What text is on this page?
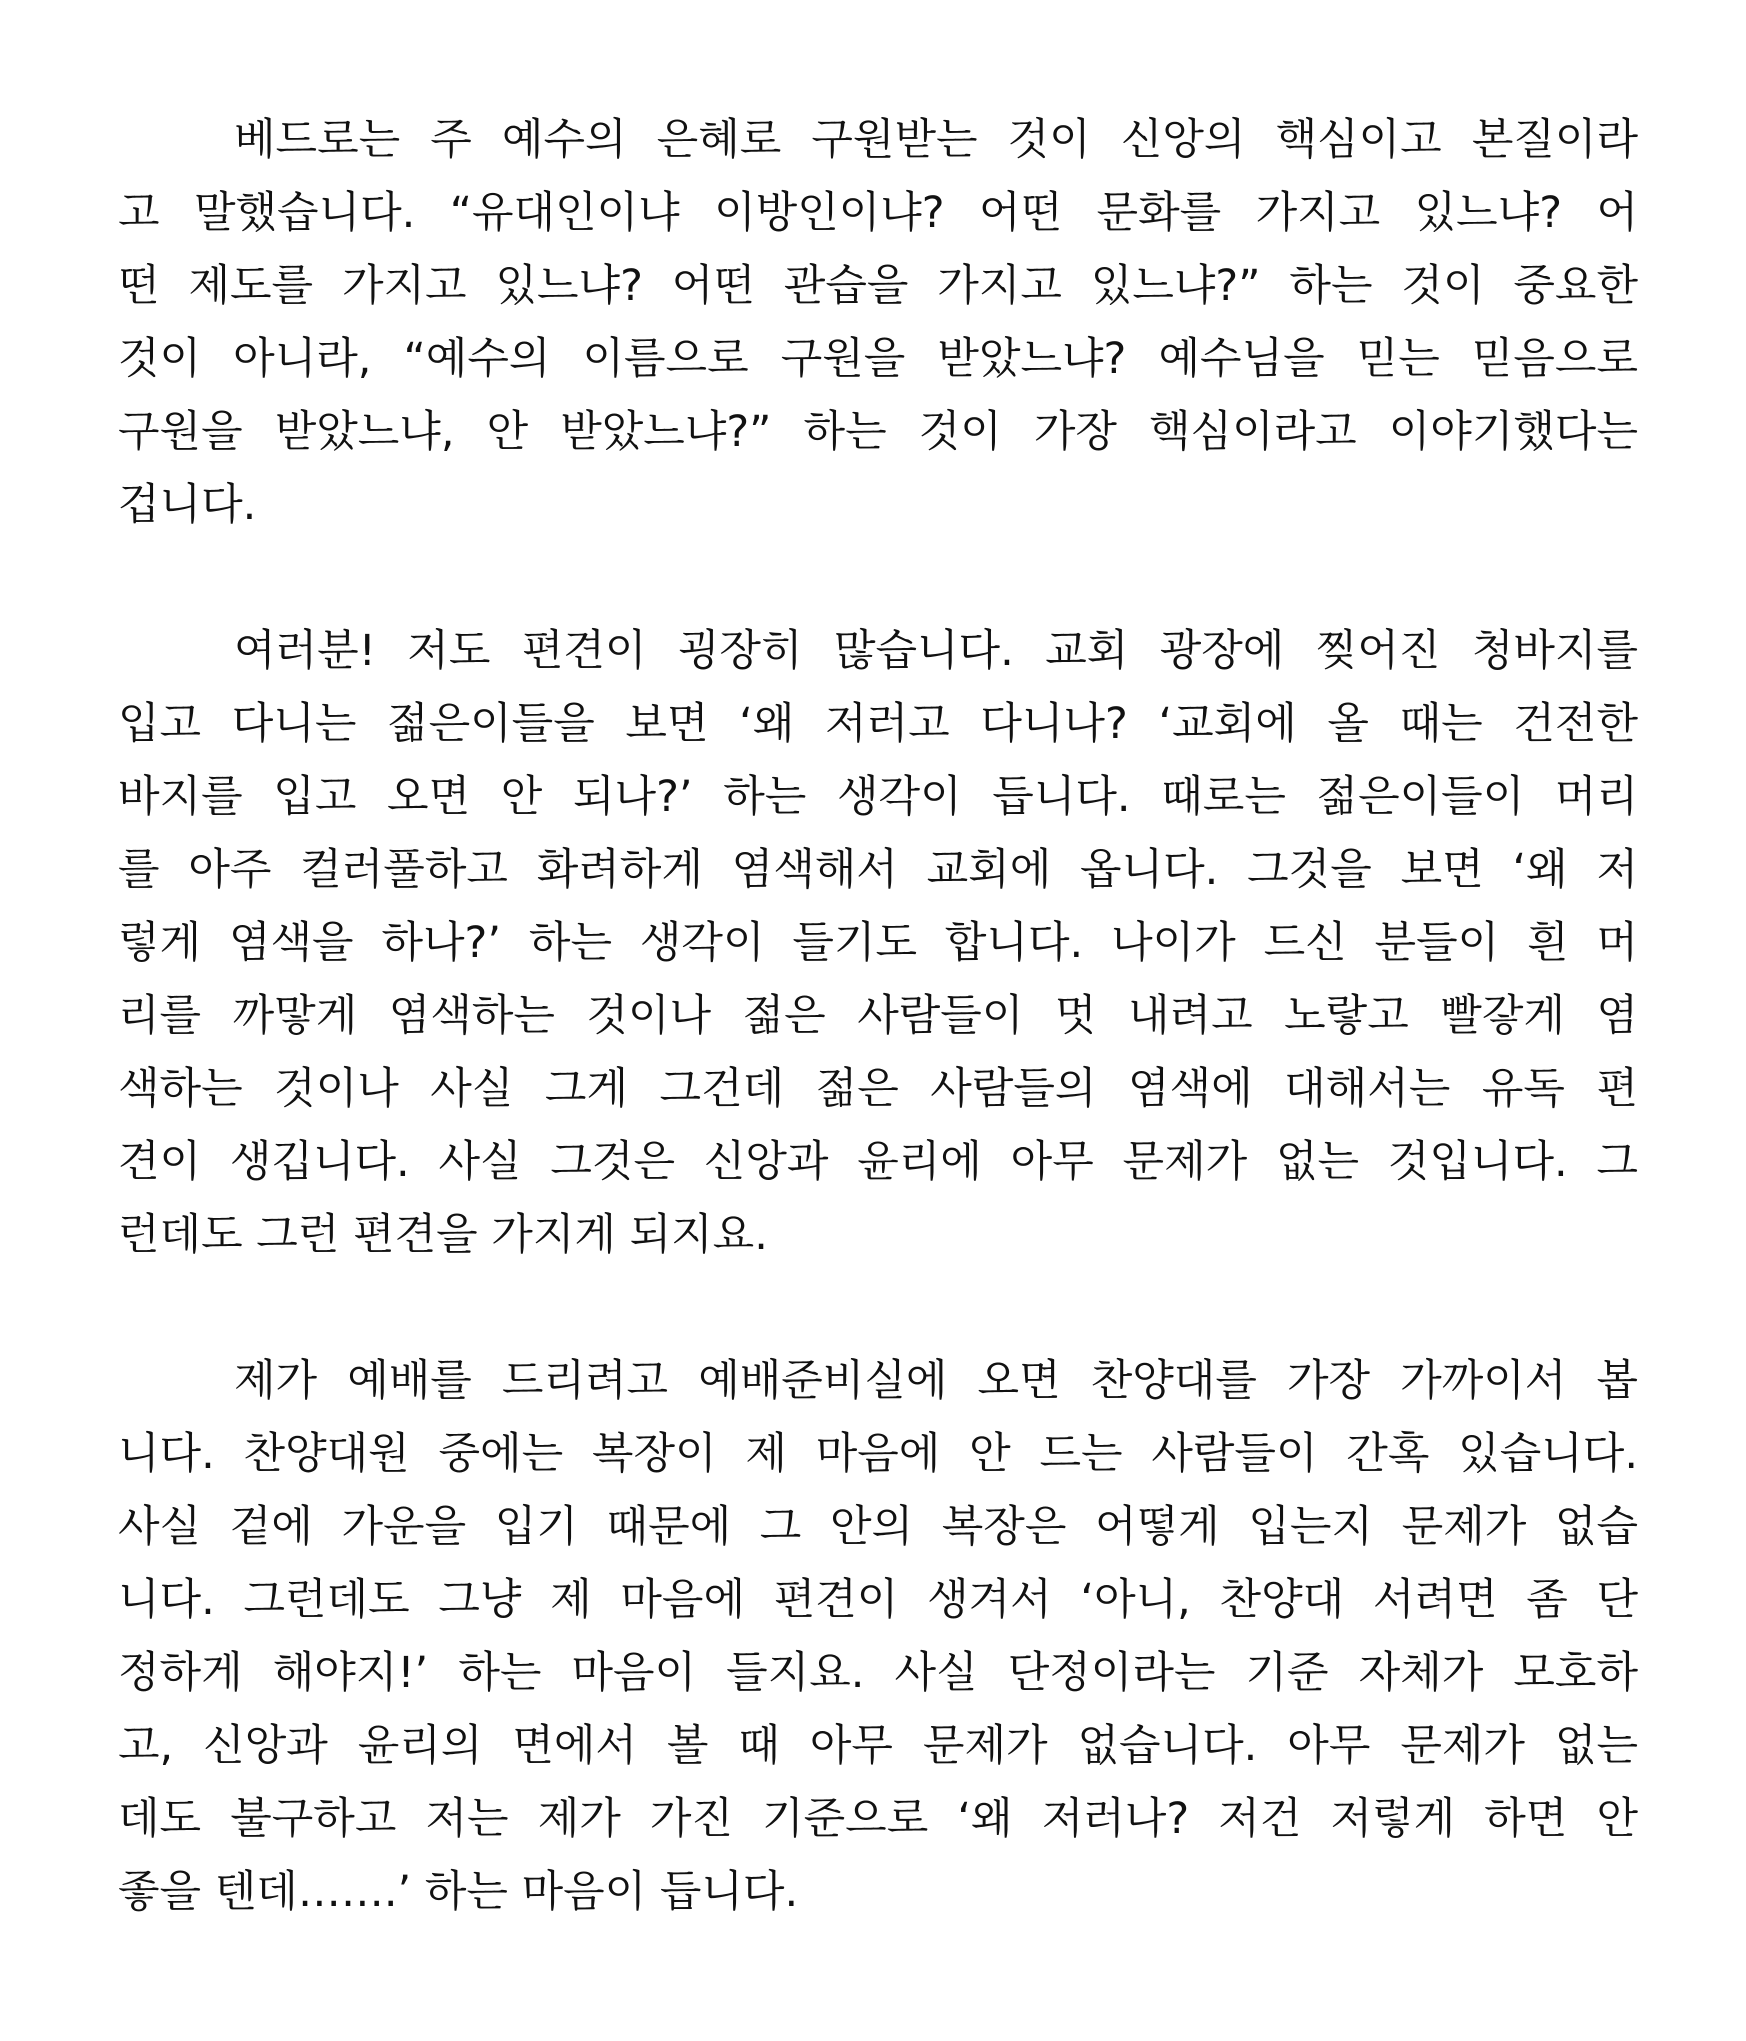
베드로는 주 예수의 은혜로 구원받는 것이 신앙의 핵심이고 본질이라
고 말했습니다. “유대인이냐 이방인이냐? 어떤 문화를 가지고 있느냐? 어
떤 제도를 가지고 있느냐? 어떤 관습을 가지고 있느냐?” 하는 것이 중요한
것이 아니라, “예수의 이름으로 구원을 받았느냐? 예수님을 믿는 믿음으로
구원을 받았느냐, 안 받았느냐?” 하는 것이 가장 핵심이라고 이야기했다는
겁니다.
여러분! 저도 편견이 굉장히 많습니다. 교회 광장에 찢어진 청바지를
입고 다니는 젊은이들을 보면 ‘왜 저러고 다니나? ‘교회에 올 때는 건전한
바지를 입고 오면 안 되나?’ 하는 생각이 듭니다. 때로는 젊은이들이 머리
를 아주 컬러풀하고 화려하게 염색해서 교회에 옵니다. 그것을 보면 ‘왜 저
렇게 염색을 하나?’ 하는 생각이 들기도 합니다. 나이가 드신 분들이 흰 머
리를 까맣게 염색하는 것이나 젊은 사람들이 멋 내려고 노랗고 빨갛게 염
색하는 것이나 사실 그게 그건데 젊은 사람들의 염색에 대해서는 유독 편
견이 생깁니다. 사실 그것은 신앙과 윤리에 아무 문제가 없는 것입니다. 그
런데도 그런 편견을 가지게 되지요.
제가 예배를 드리려고 예배준비실에 오면 찬양대를 가장 가까이서 봅
니다. 찬양대원 중에는 복장이 제 마음에 안 드는 사람들이 간혹 있습니다.
사실 겉에 가운을 입기 때문에 그 안의 복장은 어떻게 입는지 문제가 없습
니다. 그런데도 그냥 제 마음에 편견이 생겨서 ‘아니, 찬양대 서려면 좀 단
정하게 해야지!’ 하는 마음이 들지요. 사실 단정이라는 기준 자체가 모호하
고, 신앙과 윤리의 면에서 볼 때 아무 문제가 없습니다. 아무 문제가 없는
데도 불구하고 저는 제가 가진 기준으로 ‘왜 저러나? 저건 저렇게 하면 안
좋을 텐데…….’ 하는 마음이 듭니다.
